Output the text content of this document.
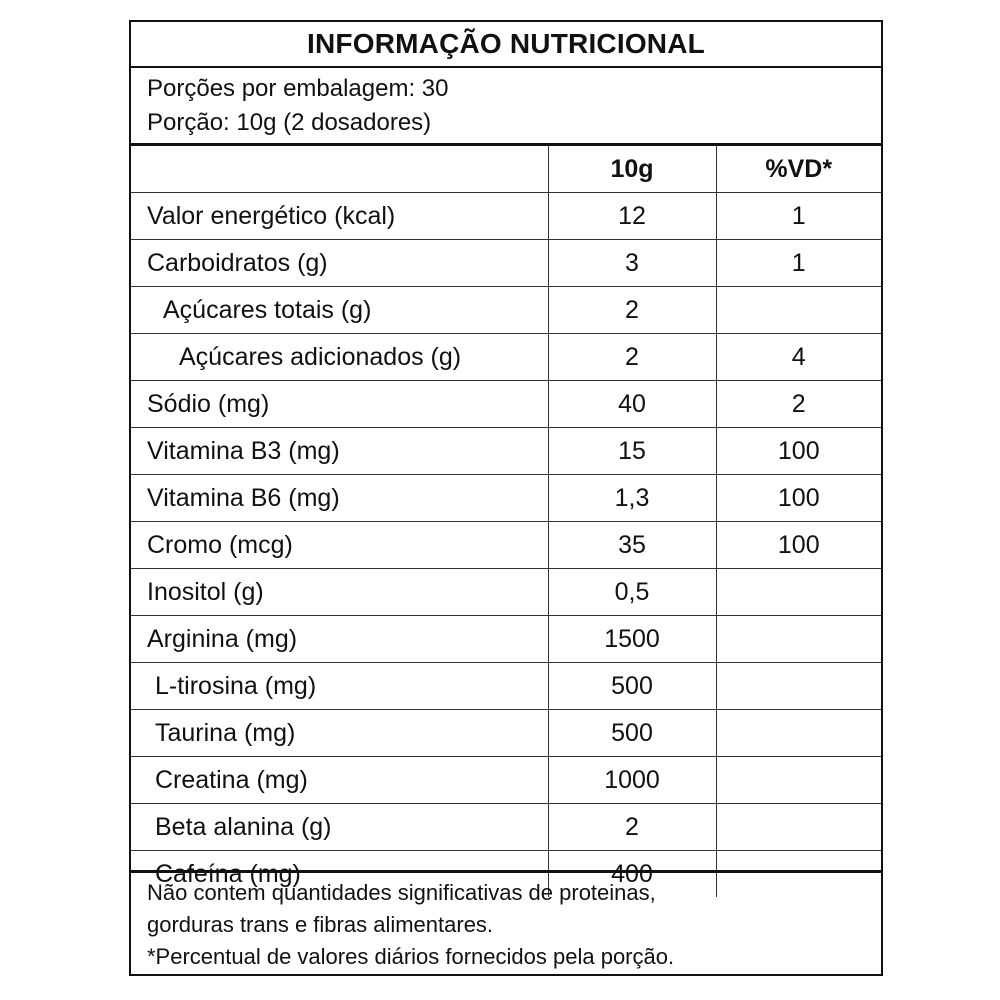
INFORMAÇÃO NUTRICIONAL
Porções por embalagem: 30
Porção: 10g (2 dosadores)
	10g	%VD*
Valor energético (kcal)	12	1
Carboidratos (g)	3	1
Açúcares totais (g)	2	
Açúcares adicionados (g)	2	4
Sódio (mg)	40	2
Vitamina B3 (mg)	15	100
Vitamina B6 (mg)	1,3	100
Cromo (mcg)	35	100
Inositol (g)	0,5	
Arginina (mg)	1500	
L-tirosina (mg)	500	
Taurina (mg)	500	
Creatina (mg)	1000	
Beta alanina (g)	2	
Cafeína (mg)	400	
Não contem quantidades significativas de proteinas,
gorduras trans e fibras alimentares.
*Percentual de valores diários fornecidos pela porção.
